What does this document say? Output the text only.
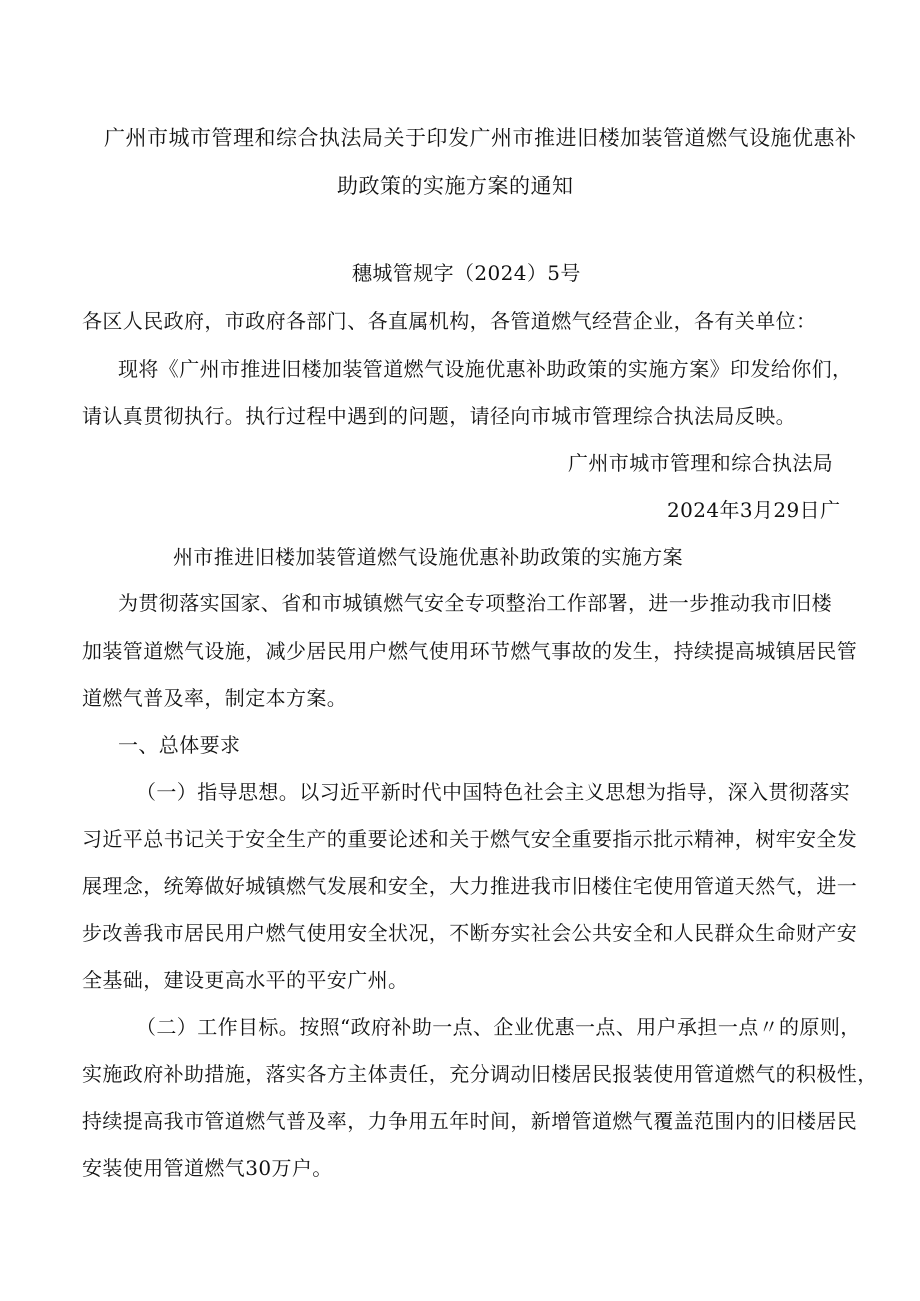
广州市城市管理和综合执法局关于印发广州市推进旧楼加装管道燃气设施优惠补

助政策的实施方案的通知

穗城管规字（2024）5号

各区人民政府，市政府各部门、各直属机构，各管道燃气经营企业，各有关单位：

现将《广州市推进旧楼加装管道燃气设施优惠补助政策的实施方案》印发给你们，

请认真贯彻执行。执行过程中遇到的问题，请径向市城市管理综合执法局反映。

广州市城市管理和综合执法局

2024年3月29日广

州市推进旧楼加装管道燃气设施优惠补助政策的实施方案

为贯彻落实国家、省和市城镇燃气安全专项整治工作部署，进一步推动我市旧楼

加装管道燃气设施，减少居民用户燃气使用环节燃气事故的发生，持续提高城镇居民管

道燃气普及率，制定本方案。

一、总体要求

（一）指导思想。以习近平新时代中国特色社会主义思想为指导，深入贯彻落实

习近平总书记关于安全生产的重要论述和关于燃气安全重要指示批示精神，树牢安全发

展理念，统筹做好城镇燃气发展和安全，大力推进我市旧楼住宅使用管道天然气，进一

步改善我市居民用户燃气使用安全状况，不断夯实社会公共安全和人民群众生命财产安

全基础，建设更高水平的平安广州。

（二）工作目标。按照“政府补助一点、企业优惠一点、用户承担一点〃的原则，

实施政府补助措施，落实各方主体责任，充分调动旧楼居民报装使用管道燃气的积极性，

持续提高我市管道燃气普及率，力争用五年时间，新增管道燃气覆盖范围内的旧楼居民

安装使用管道燃气30万户。
